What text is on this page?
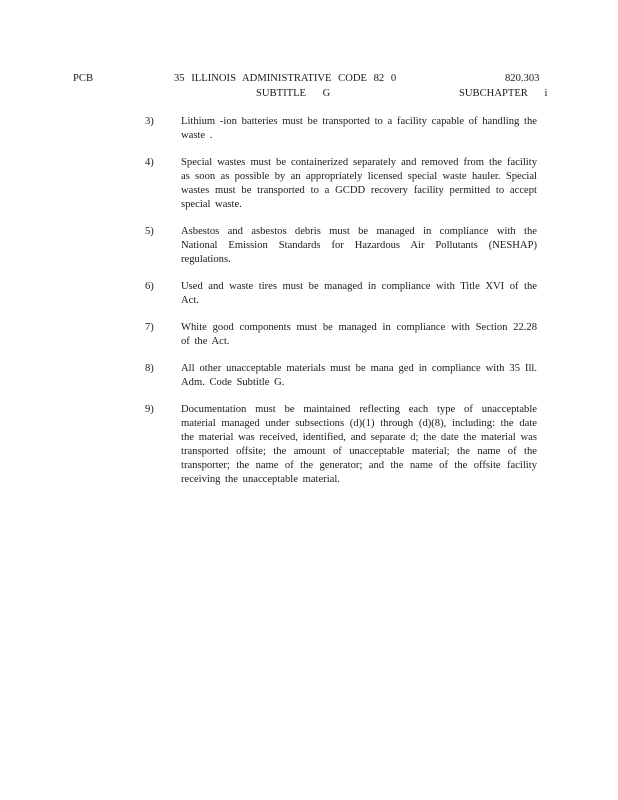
PCB	35 ILLINOIS ADMINISTRATIVE CODE 82 0	820.303
SUBTITLE G	SUBCHAPTER i
3)	Lithium -ion batteries must be transported to a facility capable of handling the waste .
4)	Special wastes must be containerized separately and removed from the facility as soon as possible by an appropriately licensed special waste hauler. Special wastes must be transported to a GCDD recovery facility permitted to accept special waste.
5)	Asbestos and asbestos debris must be managed in compliance with the National Emission Standards for Hazardous Air Pollutants (NESHAP) regulations.
6)	Used and waste tires must be managed in compliance with Title XVI of the Act.
7)	White good components must be managed in compliance with Section 22.28 of the Act.
8)	All other unacceptable materials must be mana ged in compliance with 35 Ill. Adm. Code Subtitle G.
9)	Documentation must be maintained reflecting each type of unacceptable material managed under subsections (d)(1) through (d)(8), including: the date the material was received, identified, and separate d; the date the material was transported offsite; the amount of unacceptable material; the name of the transporter; the name of the generator; and the name of the offsite facility receiving the unacceptable material.
